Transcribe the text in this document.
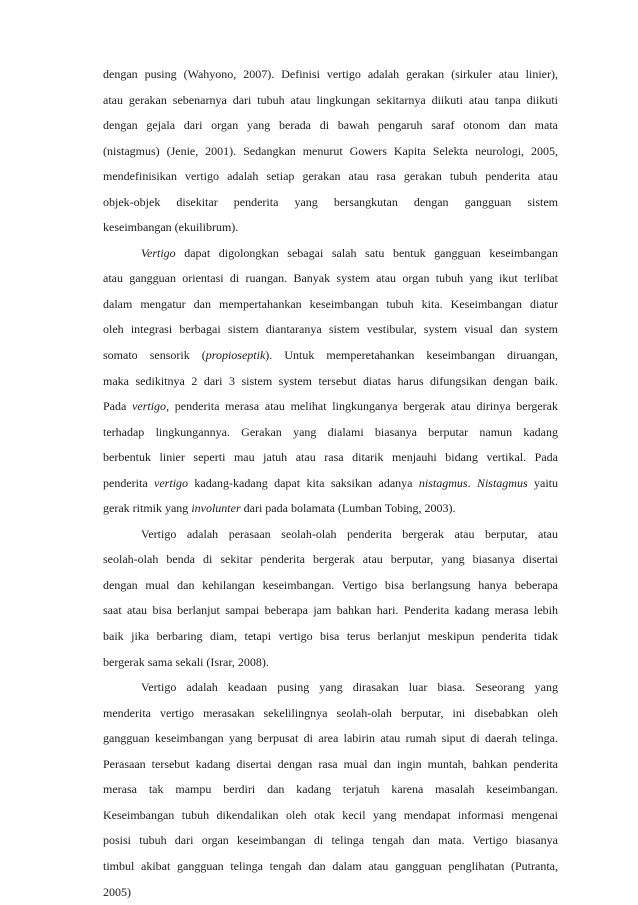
dengan pusing (Wahyono, 2007). Definisi vertigo adalah gerakan (sirkuler atau linier),
atau gerakan sebenarnya dari tubuh atau lingkungan sekitarnya diikuti atau tanpa diikuti
dengan gejala dari organ yang berada di bawah pengaruh saraf otonom dan mata
(nistagmus) (Jenie, 2001). Sedangkan menurut Gowers Kapita Selekta neurologi, 2005,
mendefinisikan vertigo adalah setiap gerakan atau rasa gerakan tubuh penderita atau
objek-objek disekitar penderita yang bersangkutan dengan gangguan sistem
keseimbangan (ekuilibrum).
Vertigo dapat digolongkan sebagai salah satu bentuk gangguan keseimbangan
atau gangguan orientasi di ruangan. Banyak system atau organ tubuh yang ikut terlibat
dalam mengatur dan mempertahankan keseimbangan tubuh kita. Keseimbangan diatur
oleh integrasi berbagai sistem diantaranya sistem vestibular, system visual dan system
somato sensorik (propioseptik). Untuk memperetahankan keseimbangan diruangan,
maka sedikitnya 2 dari 3 sistem system tersebut diatas harus difungsikan dengan baik.
Pada vertigo, penderita merasa atau melihat lingkunganya bergerak atau dirinya bergerak
terhadap lingkungannya. Gerakan yang dialami biasanya berputar namun kadang
berbentuk linier seperti mau jatuh atau rasa ditarik menjauhi bidang vertikal. Pada
penderita vertigo kadang-kadang dapat kita saksikan adanya nistagmus. Nistagmus yaitu
gerak ritmik yang involunter dari pada bolamata (Lumban Tobing, 2003).
Vertigo adalah perasaan seolah-olah penderita bergerak atau berputar, atau
seolah-olah benda di sekitar penderita bergerak atau berputar, yang biasanya disertai
dengan mual dan kehilangan keseimbangan. Vertigo bisa berlangsung hanya beberapa
saat atau bisa berlanjut sampai beberapa jam bahkan hari. Penderita kadang merasa lebih
baik jika berbaring diam, tetapi vertigo bisa terus berlanjut meskipun penderita tidak
bergerak sama sekali (Israr, 2008).
Vertigo adalah keadaan pusing yang dirasakan luar biasa. Seseorang yang
menderita vertigo merasakan sekelilingnya seolah-olah berputar, ini disebabkan oleh
gangguan keseimbangan yang berpusat di area labirin atau rumah siput di daerah telinga.
Perasaan tersebut kadang disertai dengan rasa mual dan ingin muntah, bahkan penderita
merasa tak mampu berdiri dan kadang terjatuh karena masalah keseimbangan.
Keseimbangan tubuh dikendalikan oleh otak kecil yang mendapat informasi mengenai
posisi tubuh dari organ keseimbangan di telinga tengah dan mata. Vertigo biasanya
timbul akibat gangguan telinga tengah dan dalam atau gangguan penglihatan (Putranta,
2005)
